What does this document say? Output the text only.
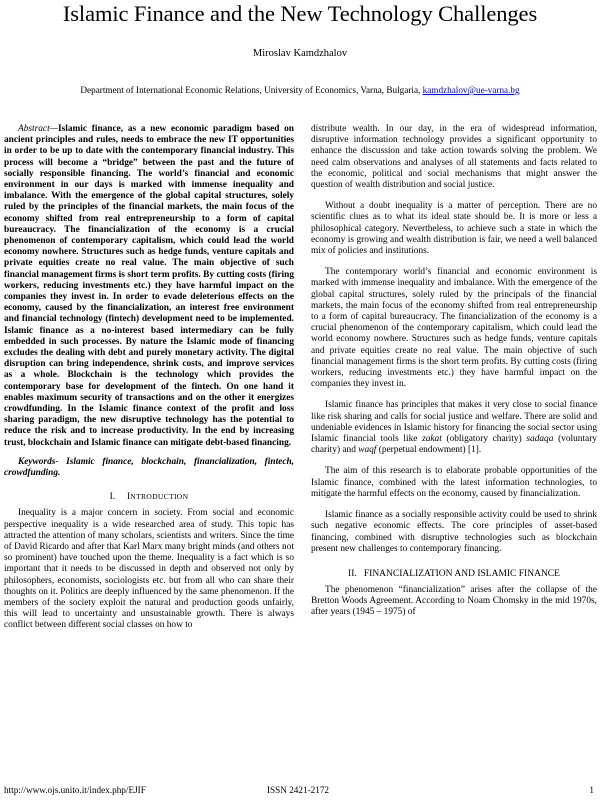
Islamic Finance and the New Technology Challenges
Miroslav Kamdzhalov
Department of International Economic Relations, University of Economics, Varna, Bulgaria, kamdzhalov@ue-varna.bg

Abstract—Islamic finance, as a new economic paradigm based on ancient principles and rules, needs to embrace the new IT opportunities in order to be up to date with the contemporary financial industry. This process will become a “bridge” between the past and the future of socially responsible financing. The world’s financial and economic environment in our days is marked with immense inequality and imbalance. With the emergence of the global capital structures, solely ruled by the principles of the financial markets, the main focus of the economy shifted from real entrepreneurship to a form of capital bureaucracy. The financialization of the economy is a crucial phenomenon of contemporary capitalism, which could lead the world economy nowhere. Structures such as hedge funds, venture capitals and private equities create no real value. The main objective of such financial management firms is short term profits. By cutting costs (firing workers, reducing investments etc.) they have harmful impact on the companies they invest in. In order to evade deleterious effects on the economy, caused by the financialization, an interest free environment and financial technology (fintech) development need to be implemented. Islamic finance as a no-interest based intermediary can be fully embedded in such processes. By nature the Islamic mode of financing excludes the dealing with debt and purely monetary activity. The digital disruption can bring independence, shrink costs, and improve services as a whole. Blockchain is the technology which provides the contemporary base for development of the fintech. On one hand it enables maximum security of transactions and on the other it energizes crowdfunding. In the Islamic finance context of the profit and loss sharing paradigm, the new disruptive technology has the potential to reduce the risk and to increase productivity. In the end by increasing trust, blockchain and Islamic finance can mitigate debt-based financing.

Keywords- Islamic finance, blockchain, financialization, fintech, crowdfunding.
I. INTRODUCTION

Inequality is a major concern in society. From social and economic perspective inequality is a wide researched area of study. This topic has attracted the attention of many scholars, scientists and writers. Since the time of David Ricardo and after that Karl Marx many bright minds (and others not so prominent) have touched upon the theme. Inequality is a fact which is so important that it needs to be discussed in depth and observed not only by philosophers, economists, sociologists etc. but from all who can share their thoughts on it. Politics are deeply influenced by the same phenomenon. If the members of the society exploit the natural and production goods unfairly, this will lead to uncertainty and unsustainable growth. There is always conflict between different social classes on how to

distribute wealth. In our day, in the era of widespread information, disruptive information technology provides a significant opportunity to enhance the discussion and take action towards solving the problem. We need calm observations and analyses of all statements and facts related to the economic, political and social mechanisms that might answer the question of wealth distribution and social justice.

Without a doubt inequality is a matter of perception. There are no scientific clues as to what its ideal state should be. It is more or less a philosophical category. Nevertheless, to achieve such a state in which the economy is growing and wealth distribution is fair, we need a well balanced mix of policies and institutions.

The contemporary world’s financial and economic environment is marked with immense inequality and imbalance. With the emergence of the global capital structures, solely ruled by the principals of the financial markets, the main focus of the economy shifted from real entrepreneurship to a form of capital bureaucracy. The financialization of the economy is a crucial phenomenon of the contemporary capitalism, which could lead the world economy nowhere. Structures such as hedge funds, venture capitals and private equities create no real value. The main objective of such financial management firms is the short term profits. By cutting costs (firing workers, reducing investments etc.) they have harmful impact on the companies they invest in.

Islamic finance has principles that makes it very close to social finance like risk sharing and calls for social justice and welfare. There are solid and undeniable evidences in Islamic history for financing the social sector using Islamic financial tools like zakat (obligatory charity) sadaqa (voluntary charity) and waqf (perpetual endowment) [1].

The aim of this research is to elaborate probable opportunities of the Islamic finance, combined with the latest information technologies, to mitigate the harmful effects on the economy, caused by financialization.

Islamic finance as a socially responsible activity could be used to shrink such negative economic effects. The core principles of asset-based financing, combined with disruptive technologies such as blockchain present new challenges to contemporary financing.

II. FINANCIALIZATION AND ISLAMIC FINANCE

The phenomenon “financialization” arises after the collapse of the Bretton Woods Agreement. According to Noam Chomsky in the mid 1970s, after years (1945 – 1975) of

http://www.ojs.unito.it/index.php/EJIF	ISSN 2421-2172	1
